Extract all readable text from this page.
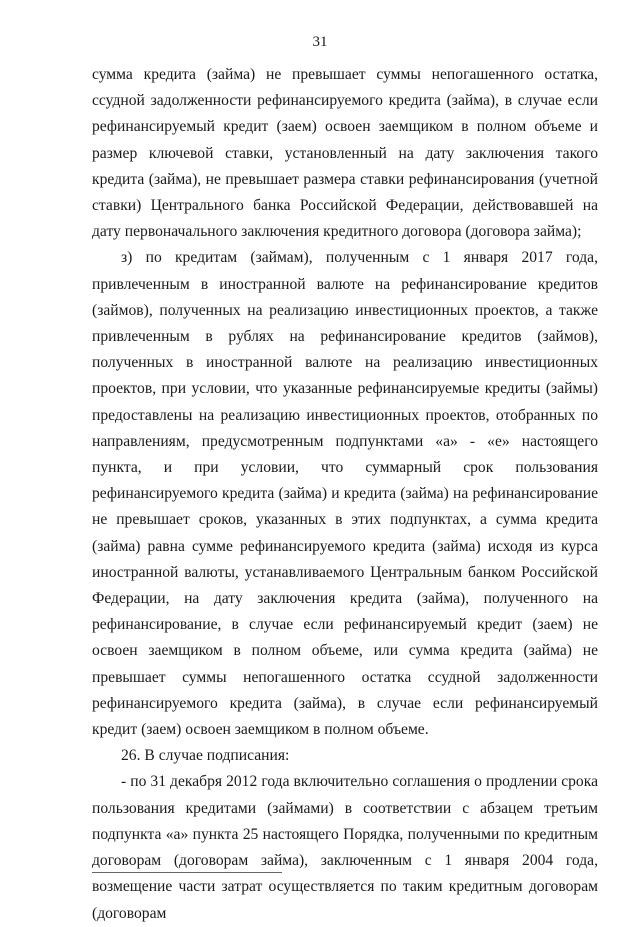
31

сумма кредита (займа) не превышает суммы непогашенного остатка, ссудной задолженности рефинансируемого кредита (займа), в случае если рефинансируемый кредит (заем) освоен заемщиком в полном объеме и размер ключевой ставки, установленный на дату заключения такого кредита (займа), не превышает размера ставки рефинансирования (учетной ставки) Центрального банка Российской Федерации, действовавшей на дату первоначального заключения кредитного договора (договора займа);

з) по кредитам (займам), полученным с 1 января 2017 года, привлеченным в иностранной валюте на рефинансирование кредитов (займов), полученных на реализацию инвестиционных проектов, а также привлеченным в рублях на рефинансирование кредитов (займов), полученных в иностранной валюте на реализацию инвестиционных проектов, при условии, что указанные рефинансируемые кредиты (займы) предоставлены на реализацию инвестиционных проектов, отобранных по направлениям, предусмотренным подпунктами «а» - «е» настоящего пункта, и при условии, что суммарный срок пользования рефинансируемого кредита (займа) и кредита (займа) на рефинансирование не превышает сроков, указанных в этих подпунктах, а сумма кредита (займа) равна сумме рефинансируемого кредита (займа) исходя из курса иностранной валюты, устанавливаемого Центральным банком Российской Федерации, на дату заключения кредита (займа), полученного на рефинансирование, в случае если рефинансируемый кредит (заем) не освоен заемщиком в полном объеме, или сумма кредита (займа) не превышает суммы непогашенного остатка ссудной задолженности рефинансируемого кредита (займа), в случае если рефинансируемый кредит (заем) освоен заемщиком в полном объеме.

26. В случае подписания:

- по 31 декабря 2012 года включительно соглашения о продлении срока пользования кредитами (займами) в соответствии с абзацем третьим подпункта «а» пункта 25 настоящего Порядка, полученными по кредитным договорам (договорам займа), заключенным с 1 января 2004 года, возмещение части затрат осуществляется по таким кредитным договорам (договорам
